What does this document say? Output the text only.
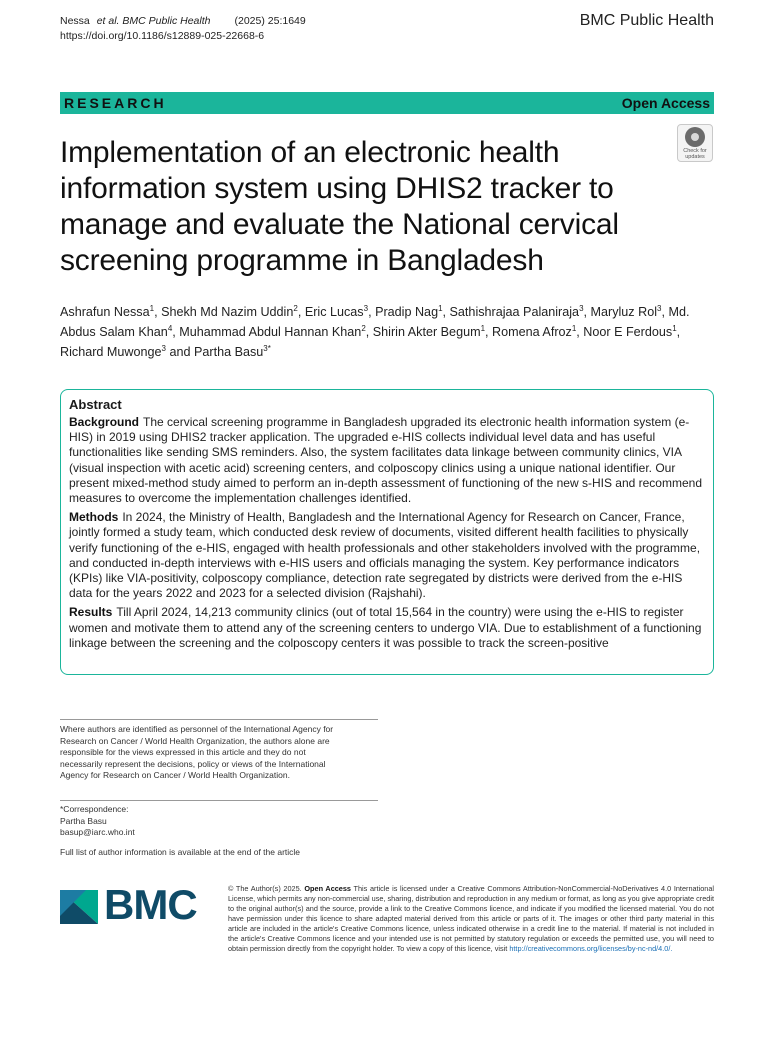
Nessa et al. BMC Public Health (2025) 25:1649
https://doi.org/10.1186/s12889-025-22668-6
BMC Public Health
RESEARCH	Open Access
Check for
updates
Implementation of an electronic health information system using DHIS2 tracker to manage and evaluate the National cervical screening programme in Bangladesh
Ashrafun Nessa$^1$, Shekh Md Nazim Uddin$^2$, Eric Lucas$^3$, Pradip Nag$^1$, Sathishrajaa Palaniraja$^3$, Maryluz Rol$^3$, Md. Abdus Salam Khan$^4$, Muhammad Abdul Hannan Khan$^2$, Shirin Akter Begum$^1$, Romena Afroz$^1$, Noor E Ferdous$^1$, Richard Muwonge$^3$ and Partha Basu$^{3*}$
Abstract

Background The cervical screening programme in Bangladesh upgraded its electronic health information system (e-HIS) in 2019 using DHIS2 tracker application. The upgraded e-HIS collects individual level data and has useful functionalities like sending SMS reminders. Also, the system facilitates data linkage between community clinics, VIA (visual inspection with acetic acid) screening centers, and colposcopy clinics using a unique national identifier. Our present mixed-method study aimed to perform an in-depth assessment of functioning of the new s-HIS and recommend measures to overcome the implementation challenges identified.

Methods In 2024, the Ministry of Health, Bangladesh and the International Agency for Research on Cancer, France, jointly formed a study team, which conducted desk review of documents, visited different health facilities to physically verify functioning of the e-HIS, engaged with health professionals and other stakeholders involved with the programme, and conducted in-depth interviews with e-HIS users and officials managing the system. Key performance indicators (KPIs) like VIA-positivity, colposcopy compliance, detection rate segregated by districts were derived from the e-HIS data for the years 2022 and 2023 for a selected division (Rajshahi).

Results Till April 2024, 14,213 community clinics (out of total 15,564 in the country) were using the e-HIS to register women and motivate them to attend any of the screening centers to undergo VIA. Due to establishment of a functioning linkage between the screening and the colposcopy centers it was possible to track the screen-positive

Where authors are identified as personnel of the International Agency for Research on Cancer / World Health Organization, the authors alone are responsible for the views expressed in this article and they do not necessarily represent the decisions, policy or views of the International Agency for Research on Cancer / World Health Organization.
*Correspondence:
Partha Basu
basup@iarc.who.int
Full list of author information is available at the end of the article
BMC	© The Author(s) 2025. Open Access This article is licensed under a Creative Commons Attribution-NonCommercial-NoDerivatives 4.0 International License, which permits any non-commercial use, sharing, distribution and reproduction in any medium or format, as long as you give appropriate credit to the original author(s) and the source, provide a link to the Creative Commons licence, and indicate if you modified the licensed material. You do not have permission under this licence to share adapted material derived from this article or parts of it. The images or other third party material in this article are included in the article's Creative Commons licence, unless indicated otherwise in a credit line to the material. If material is not included in the article's Creative Commons licence and your intended use is not permitted by statutory regulation or exceeds the permitted use, you will need to obtain permission directly from the copyright holder. To view a copy of this licence, visit http://creativecommons.org/licenses/by-nc-nd/4.0/.
